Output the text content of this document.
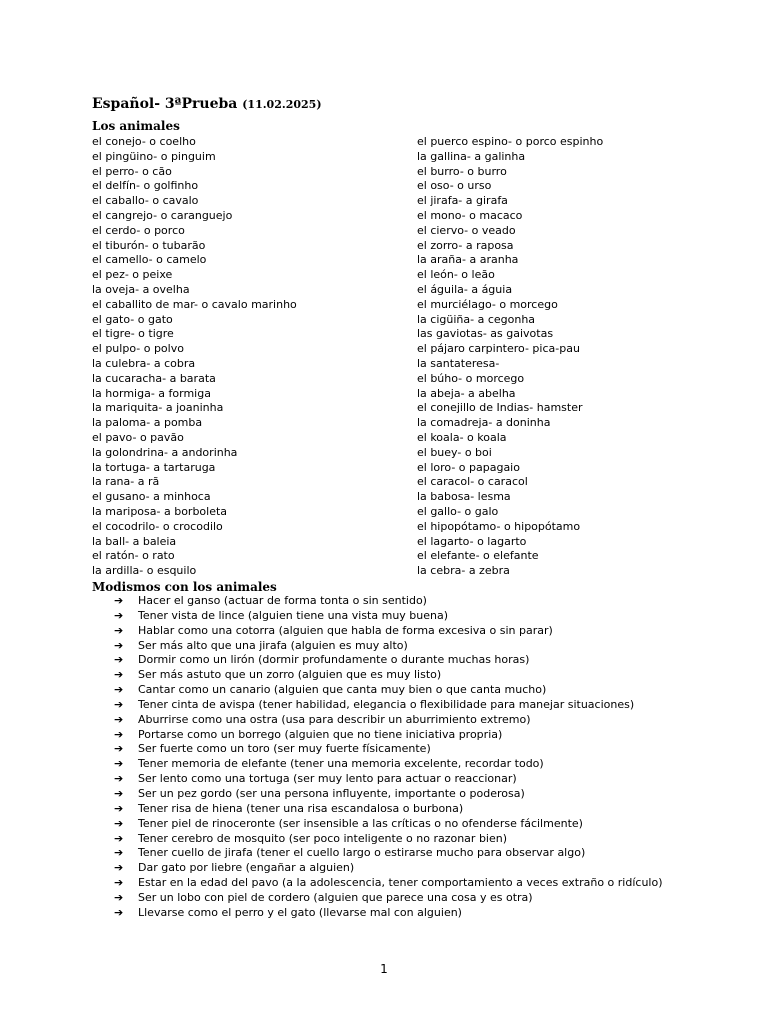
Español- 3ªPrueba (11.02.2025)
Los animales
el conejo- o coelho
el pingüino- o pinguim
el perro- o cão
el delfín- o golfinho
el caballo- o cavalo
el cangrejo- o caranguejo
el cerdo- o porco
el tiburón- o tubarão
el camello- o camelo
el pez- o peixe
la oveja- a ovelha
el caballito de mar- o cavalo marinho
el gato- o gato
el tigre- o tigre
el pulpo- o polvo
la culebra- a cobra
la cucaracha- a barata
la hormiga- a formiga
la mariquita- a joaninha
la paloma- a pomba
el pavo- o pavão
la golondrina- a andorinha
la tortuga- a tartaruga
la rana- a rã
el gusano- a minhoca
la mariposa- a borboleta
el cocodrilo- o crocodilo
la ball- a baleia
el ratón- o rato
la ardilla- o esquilo
el puerco espino- o porco espinho
la gallina- a galinha
el burro- o burro
el oso- o urso
el jirafa- a girafa
el mono- o macaco
el ciervo- o veado
el zorro- a raposa
la araña- a aranha
el león- o leão
el águila- a águia
el murciélago- o morcego
la cigüiña- a cegonha
las gaviotas- as gaivotas
el pájaro carpintero- pica-pau
la santateresa-
el búho- o morcego
la abeja- a abelha
el conejillo de Indias- hamster
la comadreja- a doninha
el koala- o koala
el buey- o boi
el loro- o papagaio
el caracol- o caracol
la babosa- lesma
el gallo- o galo
el hipopótamo- o hipopótamo
el lagarto- o lagarto
el elefante- o elefante
la cebra- a zebra
Modismos con los animales
➔	Hacer el ganso (actuar de forma tonta o sin sentido)
➔	Tener vista de lince (alguien tiene una vista muy buena)
➔	Hablar como una cotorra (alguien que habla de forma excesiva o sin parar)
➔	Ser más alto que una jirafa (alguien es muy alto)
➔	Dormir como un lirón (dormir profundamente o durante muchas horas)
➔	Ser más astuto que un zorro (alguien que es muy listo)
➔	Cantar como un canario (alguien que canta muy bien o que canta mucho)
➔	Tener cinta de avispa (tener habilidad, elegancia o flexibilidade para manejar situaciones)
➔	Aburrirse como una ostra (usa para describir un aburrimiento extremo)
➔	Portarse como un borrego (alguien que no tiene iniciativa propria)
➔	Ser fuerte como un toro (ser muy fuerte físicamente)
➔	Tener memoria de elefante (tener una memoria excelente, recordar todo)
➔	Ser lento como una tortuga (ser muy lento para actuar o reaccionar)
➔	Ser un pez gordo (ser una persona influyente, importante o poderosa)
➔	Tener risa de hiena (tener una risa escandalosa o burbona)
➔	Tener piel de rinoceronte (ser insensible a las críticas o no ofenderse fácilmente)
➔	Tener cerebro de mosquito (ser poco inteligente o no razonar bien)
➔	Tener cuello de jirafa (tener el cuello largo o estirarse mucho para observar algo)
➔	Dar gato por liebre (engañar a alguien)
➔	Estar en la edad del pavo (a la adolescencia, tener comportamiento a veces extraño o ridículo)
➔	Ser un lobo con piel de cordero (alguien que parece una cosa y es otra)
➔	Llevarse como el perro y el gato (llevarse mal con alguien)
1
